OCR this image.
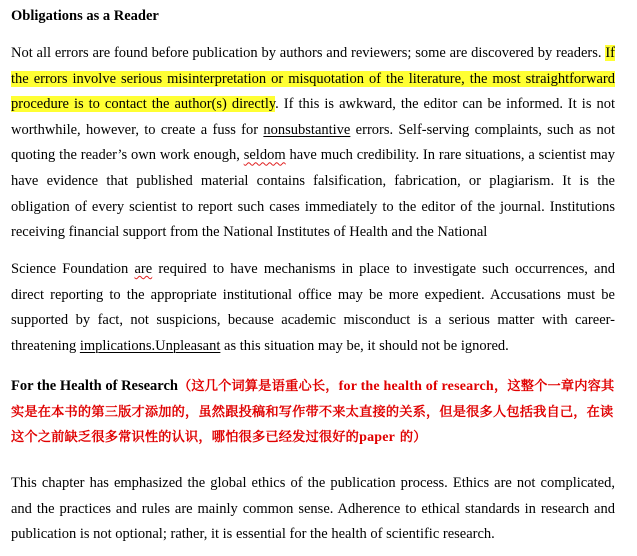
Obligations as a Reader
Not all errors are found before publication by authors and reviewers; some are discovered by readers. If the errors involve serious misinterpretation or misquotation of the literature, the most straightforward procedure is to contact the author(s) directly. If this is awkward, the editor can be informed. It is not worthwhile, however, to create a fuss for nonsubstantive errors. Self-serving complaints, such as not quoting the reader’s own work enough, seldom have much credibility. In rare situations, a scientist may have evidence that published material contains falsification, fabrication, or plagiarism. It is the obligation of every scientist to report such cases immediately to the editor of the journal. Institutions receiving financial support from the National Institutes of Health and the National
Science Foundation are required to have mechanisms in place to investigate such occurrences, and direct reporting to the appropriate institutional office may be more expedient. Accusations must be supported by fact, not suspicions, because academic misconduct is a serious matter with career-threatening implications.Unpleasant as this situation may be, it should not be ignored.
For the Health of Research（这几个词算是语重心长，for the health of research，这整个一章内容其实是在本书的第三版才添加的，虽然跟投稿和写作带不来太直接的关系，但是很多人包括我自己，在读这个之前缺乏很多常识性的认识，哪怕很多已经发过很好的paper 的）
This chapter has emphasized the global ethics of the publication process. Ethics are not complicated, and the practices and rules are mainly common sense. Adherence to ethical standards in research and publication is not optional; rather, it is essential for the health of scientific research.
